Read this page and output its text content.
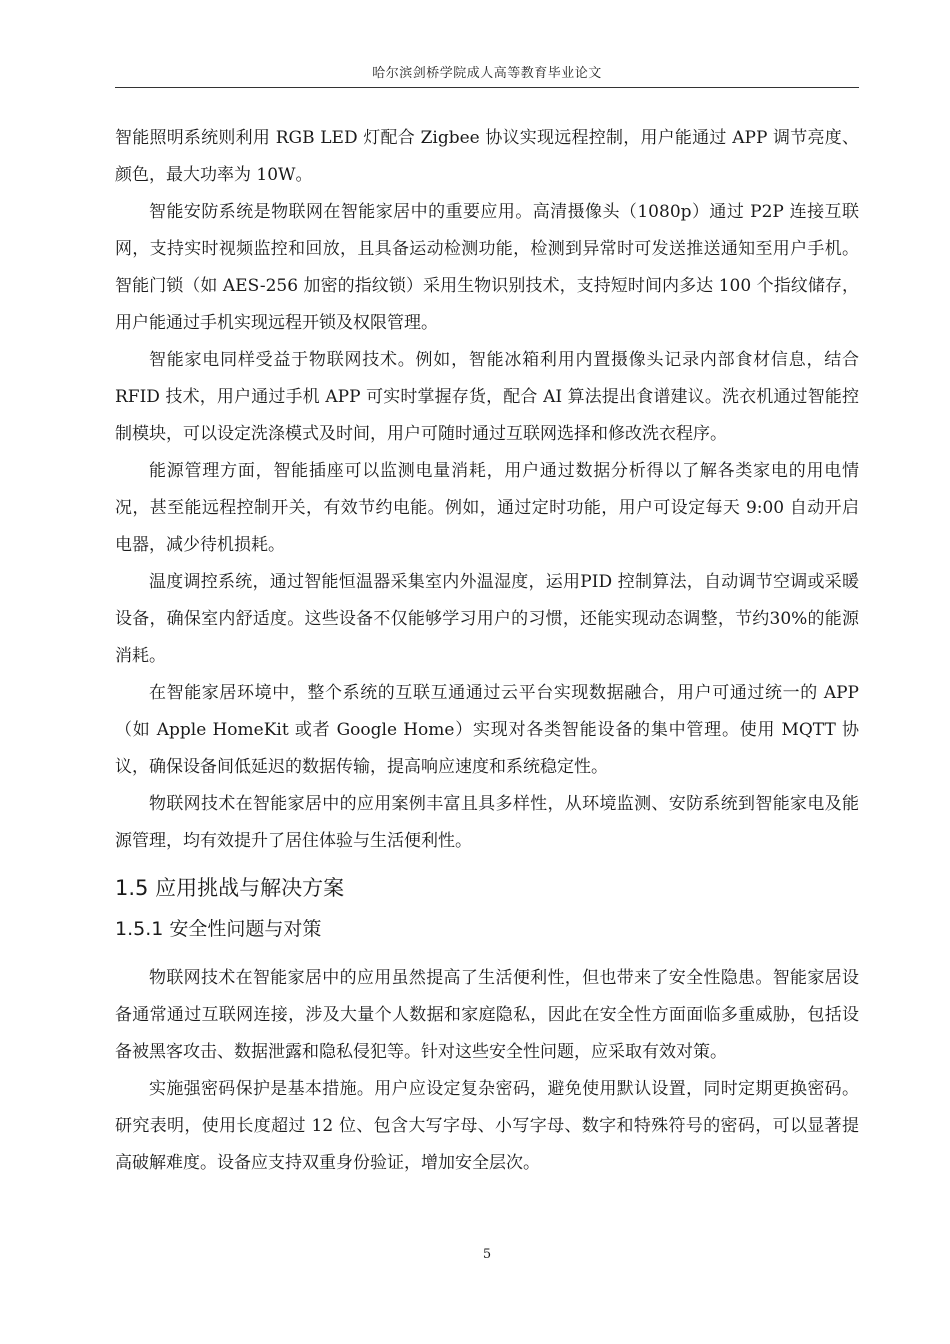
哈尔滨剑桥学院成人高等教育毕业论文

智能照明系统则利用 RGB LED 灯配合 Zigbee 协议实现远程控制，用户能通过 APP 调节亮度、颜色，最大功率为 10W。

智能安防系统是物联网在智能家居中的重要应用。高清摄像头（1080p）通过 P2P 连接互联网，支持实时视频监控和回放，且具备运动检测功能，检测到异常时可发送推送通知至用户手机。智能门锁（如 AES-256 加密的指纹锁）采用生物识别技术，支持短时间内多达 100 个指纹储存，用户能通过手机实现远程开锁及权限管理。

智能家电同样受益于物联网技术。例如，智能冰箱利用内置摄像头记录内部食材信息，结合 RFID 技术，用户通过手机 APP 可实时掌握存货，配合 AI 算法提出食谱建议。洗衣机通过智能控制模块，可以设定洗涤模式及时间，用户可随时通过互联网选择和修改洗衣程序。

能源管理方面，智能插座可以监测电量消耗，用户通过数据分析得以了解各类家电的用电情况，甚至能远程控制开关，有效节约电能。例如，通过定时功能，用户可设定每天 9:00 自动开启电器，减少待机损耗。

温度调控系统，通过智能恒温器采集室内外温湿度，运用PID 控制算法，自动调节空调或采暖设备，确保室内舒适度。这些设备不仅能够学习用户的习惯，还能实现动态调整，节约30%的能源消耗。

在智能家居环境中，整个系统的互联互通通过云平台实现数据融合，用户可通过统一的 APP（如 Apple HomeKit 或者 Google Home）实现对各类智能设备的集中管理。使用 MQTT 协议，确保设备间低延迟的数据传输，提高响应速度和系统稳定性。

物联网技术在智能家居中的应用案例丰富且具多样性，从环境监测、安防系统到智能家电及能源管理，均有效提升了居住体验与生活便利性。

1.5 应用挑战与解决方案
1.5.1 安全性问题与对策

物联网技术在智能家居中的应用虽然提高了生活便利性，但也带来了安全性隐患。智能家居设备通常通过互联网连接，涉及大量个人数据和家庭隐私，因此在安全性方面面临多重威胁，包括设备被黑客攻击、数据泄露和隐私侵犯等。针对这些安全性问题，应采取有效对策。

实施强密码保护是基本措施。用户应设定复杂密码，避免使用默认设置，同时定期更换密码。研究表明，使用长度超过 12 位、包含大写字母、小写字母、数字和特殊符号的密码，可以显著提高破解难度。设备应支持双重身份验证，增加安全层次。

5
